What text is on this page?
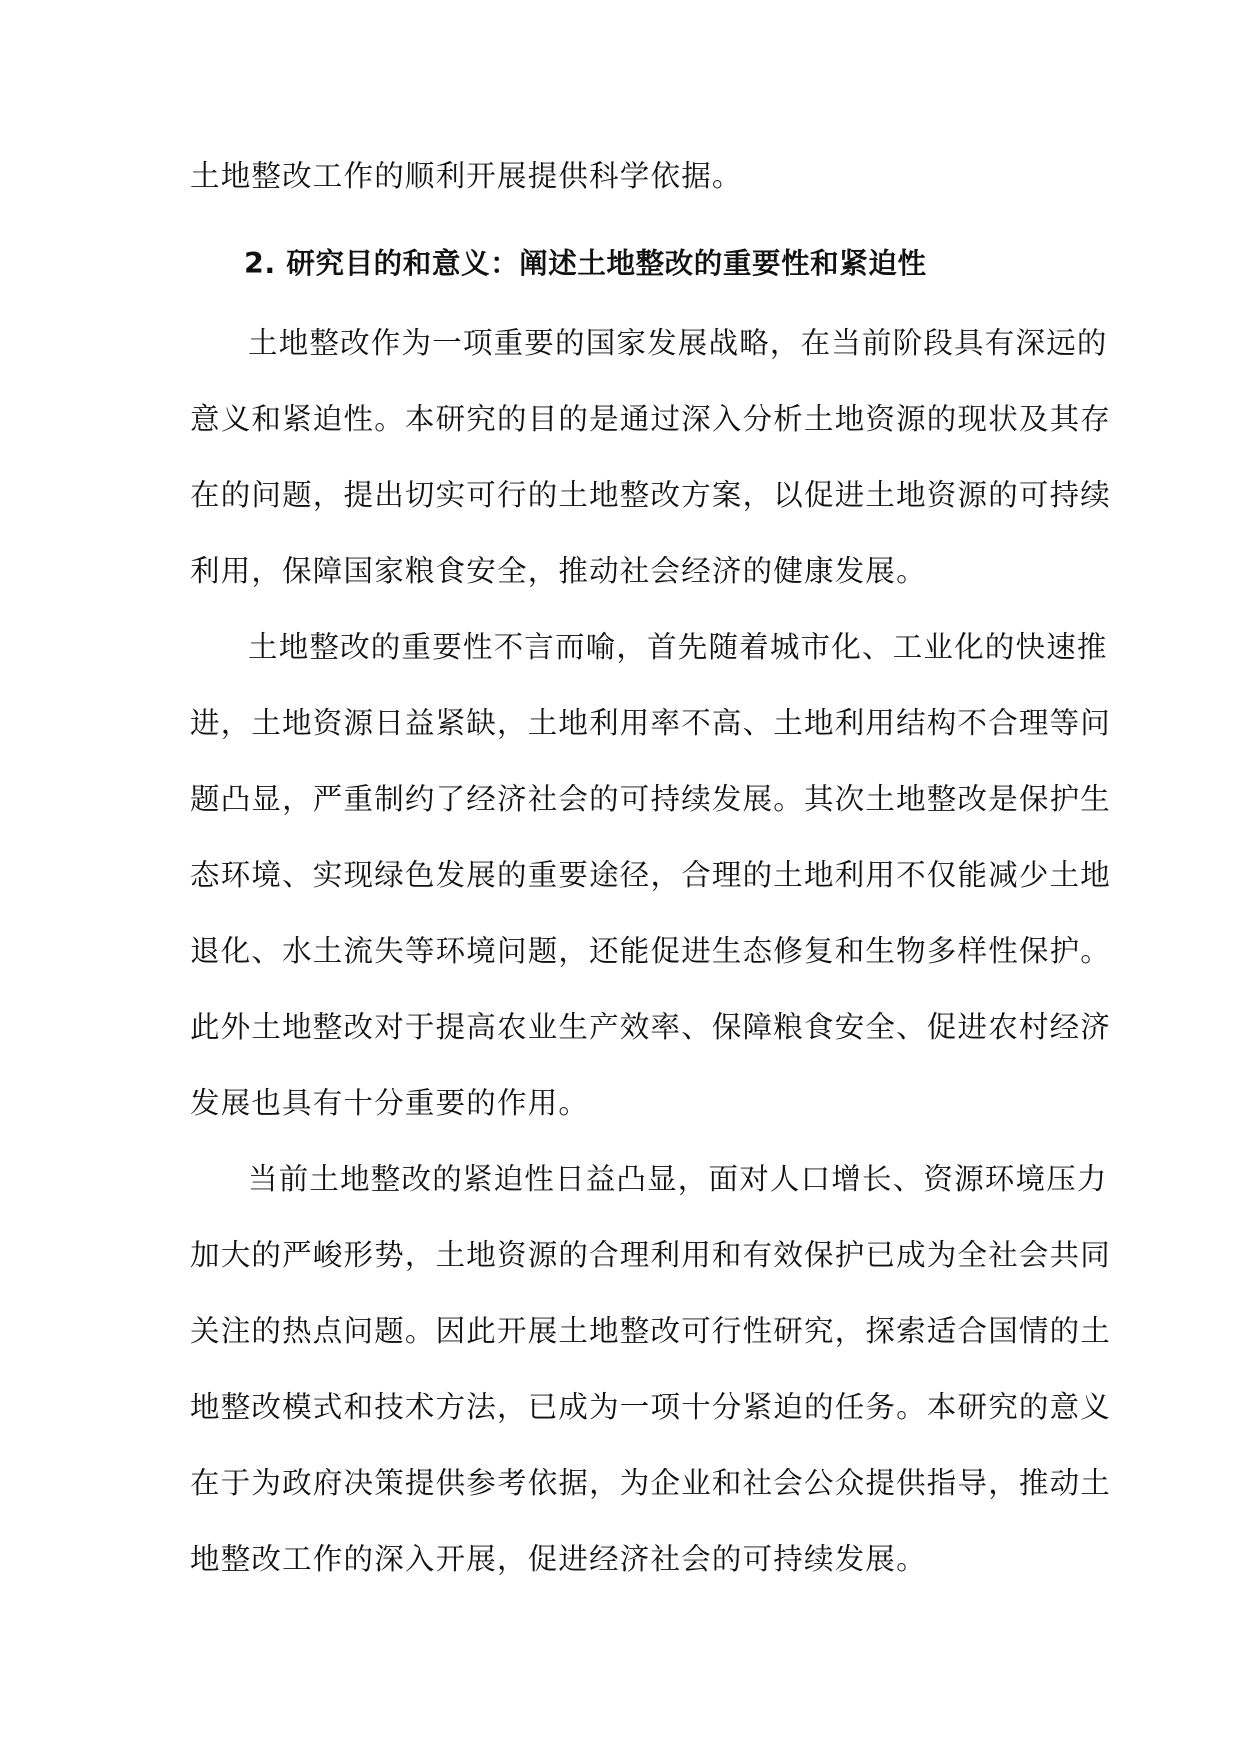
土地整改工作的顺利开展提供科学依据。
2. 研究目的和意义：阐述土地整改的重要性和紧迫性
土地整改作为一项重要的国家发展战略，在当前阶段具有深远的
意义和紧迫性。本研究的目的是通过深入分析土地资源的现状及其存
在的问题，提出切实可行的土地整改方案，以促进土地资源的可持续
利用，保障国家粮食安全，推动社会经济的健康发展。
土地整改的重要性不言而喻，首先随着城市化、工业化的快速推
进，土地资源日益紧缺，土地利用率不高、土地利用结构不合理等问
题凸显，严重制约了经济社会的可持续发展。其次土地整改是保护生
态环境、实现绿色发展的重要途径，合理的土地利用不仅能减少土地
退化、水土流失等环境问题，还能促进生态修复和生物多样性保护。
此外土地整改对于提高农业生产效率、保障粮食安全、促进农村经济
发展也具有十分重要的作用。
当前土地整改的紧迫性日益凸显，面对人口增长、资源环境压力
加大的严峻形势，土地资源的合理利用和有效保护已成为全社会共同
关注的热点问题。因此开展土地整改可行性研究，探索适合国情的土
地整改模式和技术方法，已成为一项十分紧迫的任务。本研究的意义
在于为政府决策提供参考依据，为企业和社会公众提供指导，推动土
地整改工作的深入开展，促进经济社会的可持续发展。
